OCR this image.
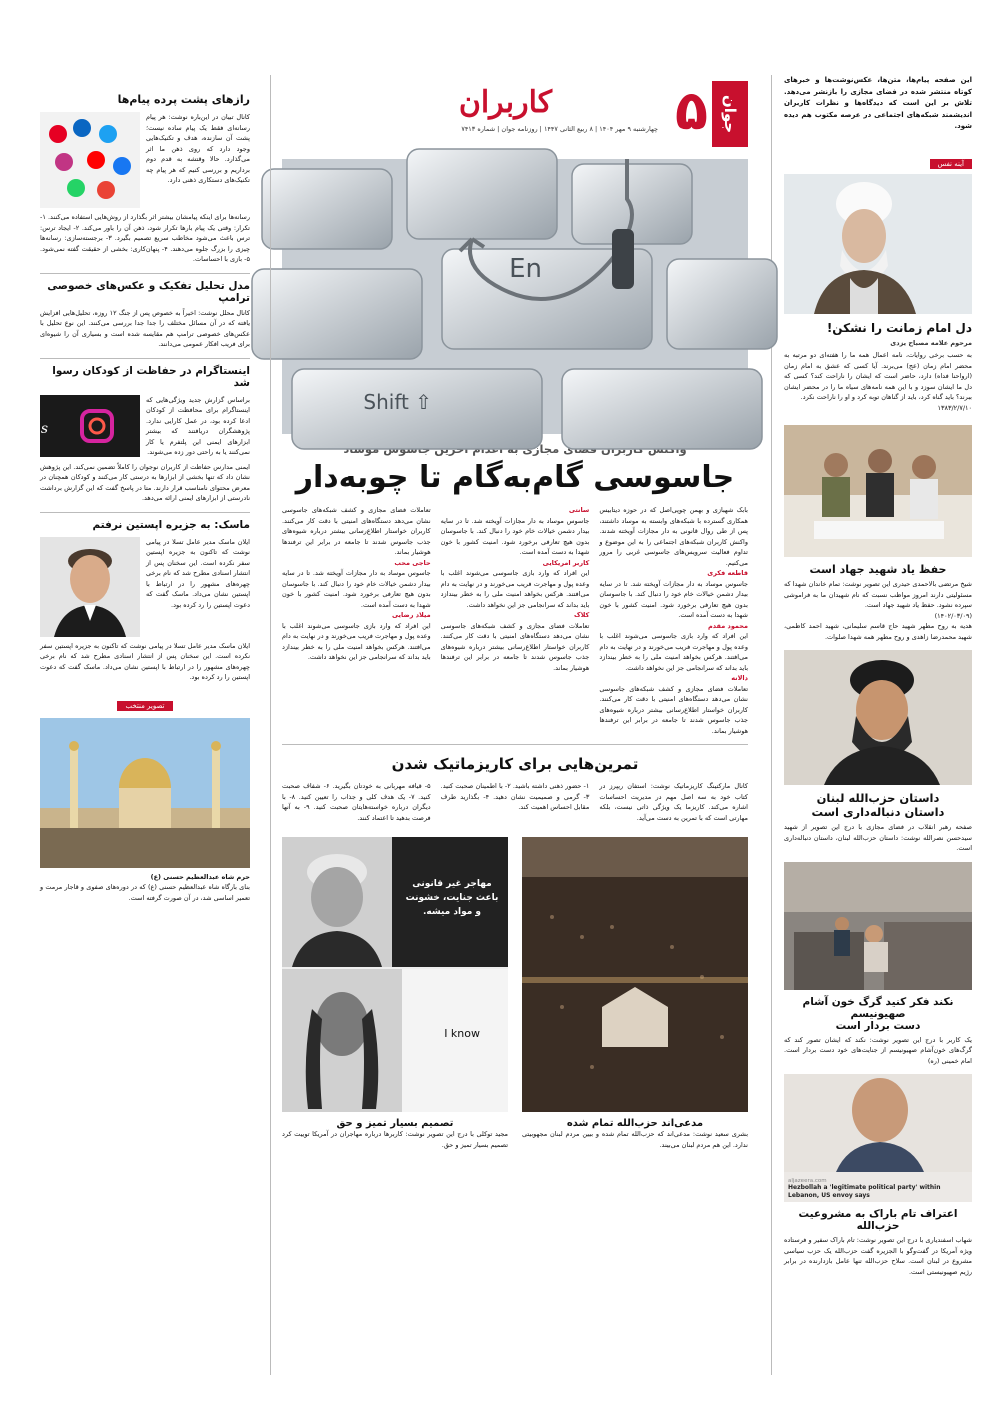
این صفحه پیام‌ها، متن‌ها، عکس‌نوشت‌ها و خبرهای کوتاه منتشر شده در فضای مجازی را بازنشر می‌دهد. تلاش بر این است که دیدگاه‌ها و نظرات کاربران اندیشمند شبکه‌های اجتماعی در عرصه مکتوب هم دیده شود.

آینه نفس
دل امام زمانت را نشکن!
مرحوم علامه مصباح یزدی

به حسب برخی روایات، نامه اعمال همه ما را هفته‌ای دو مرتبه به محضر امام زمان (عج) می‌برند. آیا کسی که عشق به امام زمان (ارواحنا فداه) دارد، حاضر است که ایشان را ناراحت کند؟ کسی که دل ما ایشان سوزد و با این همه نامه‌های سیاه ما را در محضر ایشان ببرند؟ باید گناه کرد، باید از گناهان توبه کرد و او را ناراحت نکرد.

۱۳۸۳/۲/۷/۱۰
حفظ یاد شهید جهاد است

شیخ مرتضی بالاحمدی حیدری این تصویر نوشت: تمام خاندان شهدا که مسئولیتی دارند امروز مواظب نسبت که نام شهیدان ما به فراموشی سپرده نشود. حفظ یاد شهید جهاد است.

(۱۴۰۲/۰۳/۰۹)

هدیه به روح مطهر شهید حاج قاسم سلیمانی، شهید احمد کاظمی، شهید محمدرضا زاهدی و روح مطهر همه شهدا صلوات.

داستان حزب‌الله لبنان
داستان دنباله‌داری است

صفحه رهبر انقلاب در فضای مجازی با درج این تصویر از شهید سیدحسن نصرالله نوشت: داستان حزب‌الله لبنان، داستان دنباله‌داری است.

نکند فکر کنید گرگ خون آشام صهیونیسم
دست بردار است

یک کاربر با درج این تصویر نوشت: نکند که ایشان تصور کند که گرگ‌های خون‌آشام صهیونیسم از جنایت‌های خود دست بردار است. امام خمینی (ره)

aljazeera.com
Hezbollah a 'legitimate political party' within Lebanon, US envoy says
اعتراف تام باراک به مشروعیت حزب‌الله

شهاب اسفندیاری با درج این تصویر نوشت: تام باراک سفیر و فرستاده ویژه آمریکا در گفت‌وگو با الجزیره گفت حزب‌الله یک حزب سیاسی مشروع در لبنان است. سلاح حزب‌الله تنها عامل بازدارنده در برابر رژیم صهیونیستی است.

جوان
۵
کاربران
چهارشنبه ۹ مهر ۱۴۰۴ | ۸ ربیع الثانی ۱۴۴۷ | روزنامه جوان | شماره ۷۴۱۳
En
⇧ Shift
مجازی
جاسوسی گام‌به‌گام تا چوبه‌دار

بابک شهبازی و بهمن چوپی‌اصل که در حوزه دیتابیس همکاری گسترده با شبکه‌های وابسته به موساد داشتند، پس از طی روال قانونی به دار مجازات آویخته شدند. واکنش کاربران شبکه‌های اجتماعی را به این موضوع و تداوم فعالیت سرویس‌های جاسوسی غربی را مرور می‌کنیم.

قاطعه فکری

جاسوس موساد به دار مجازات آویخته شد. تا در سایه بیدار دشمن خیالات خام خود را دنبال کند. با جاسوسان بدون هیچ تعارفی برخورد شود. امنیت کشور با خون شهدا به دست آمده است.

محمود مقدم

این افراد که وارد بازی جاسوسی می‌شوند اغلب با وعده پول و مهاجرت فریب می‌خورند و در نهایت به دام می‌افتند. هرکس بخواهد امنیت ملی را به خطر بیندازد باید بداند که سرانجامی جز این نخواهد داشت.

دالانه

تعاملات فضای مجازی و کشف شبکه‌های جاسوسی نشان می‌دهد دستگاه‌های امنیتی با دقت کار می‌کنند. کاربران خواستار اطلاع‌رسانی بیشتر درباره شیوه‌های جذب جاسوس شدند تا جامعه در برابر این ترفندها هوشیار بماند.

سانتی

جاسوس موساد به دار مجازات آویخته شد. تا در سایه بیدار دشمن خیالات خام خود را دنبال کند. با جاسوسان بدون هیچ تعارفی برخورد شود. امنیت کشور با خون شهدا به دست آمده است.

کاربر امریکایی

این افراد که وارد بازی جاسوسی می‌شوند اغلب با وعده پول و مهاجرت فریب می‌خورند و در نهایت به دام می‌افتند. هرکس بخواهد امنیت ملی را به خطر بیندازد باید بداند که سرانجامی جز این نخواهد داشت.

کلاک

تعاملات فضای مجازی و کشف شبکه‌های جاسوسی نشان می‌دهد دستگاه‌های امنیتی با دقت کار می‌کنند. کاربران خواستار اطلاع‌رسانی بیشتر درباره شیوه‌های جذب جاسوس شدند تا جامعه در برابر این ترفندها هوشیار بماند.

تعاملات فضای مجازی و کشف شبکه‌های جاسوسی نشان می‌دهد دستگاه‌های امنیتی با دقت کار می‌کنند. کاربران خواستار اطلاع‌رسانی بیشتر درباره شیوه‌های جذب جاسوس شدند تا جامعه در برابر این ترفندها هوشیار بماند.

حاجی محب

جاسوس موساد به دار مجازات آویخته شد. تا در سایه بیدار دشمن خیالات خام خود را دنبال کند. با جاسوسان بدون هیچ تعارفی برخورد شود. امنیت کشور با خون شهدا به دست آمده است.

میلاد رضایی

این افراد که وارد بازی جاسوسی می‌شوند اغلب با وعده پول و مهاجرت فریب می‌خورند و در نهایت به دام می‌افتند. هرکس بخواهد امنیت ملی را به خطر بیندازد باید بداند که سرانجامی جز این نخواهد داشت.

تمرین‌هایی برای کاریزماتیک شدن

کانال مارکتینگ کاریزماتیک نوشت: استفان ریپرز در کتاب خود به سه اصل مهم در مدیریت احساسات اشاره می‌کند. کاریزما یک ویژگی ذاتی نیست، بلکه مهارتی است که با تمرین به دست می‌آید.

۱- حضور ذهنی داشته باشید. ۲- با اطمینان صحبت کنید. ۳- گرمی و صمیمیت نشان دهید. ۴- بگذارید طرف مقابل احساس اهمیت کند.

۵- قیافه مهربانی به خودتان بگیرید. ۶- شفاف صحبت کنید. ۷- یک هدف کلی و جذاب را تعیین کنید. ۸- با دیگران درباره خواسته‌هایتان صحبت کنید. ۹- به آنها فرصت بدهید تا اعتماد کنند.

مدعی‌اند حزب‌الله تمام شده

بشری سعید نوشت: مدعی‌اند که حزب‌الله تمام شده و بیین مردم لبنان مجهوبیتی ندارد. این هم مردم لبنان می‌بیند.

مهاجر غیر قانونی باعث جنایت، خشونت و مواد میشه.
I know
تصمیم بسیار تمیز و حق

مجید توکلی با درج این تصویر نوشت: کاربرها درباره مهاجران در آمریکا توییت کرد تصمیم بسیار تمیز و حق.

رازهای پشت پرده پیام‌ها

کانال تبیان در این‌باره نوشت: هر پیام رسانه‌ای فقط یک پیام ساده نیست؛ پشت آن سازنده، هدف و تکنیک‌هایی وجود دارد که روی ذهن ما اثر می‌گذارد. حالا وقتشه به قدم دوم برداریم و بررسی کنیم که هر پیام چه تکنیک‌های دستکاری ذهنی دارد.

رسانه‌ها برای اینکه پیامشان بیشتر اثر بگذارد از روش‌هایی استفاده می‌کنند. ۱- تکرار: وقتی یک پیام بارها تکرار شود، ذهن آن را باور می‌کند. ۲- ایجاد ترس: ترس باعث می‌شود مخاطب سریع تصمیم بگیرد. ۳- برجسته‌سازی: رسانه‌ها چیزی را بزرگ جلوه می‌دهند. ۴- پنهان‌کاری: بخشی از حقیقت گفته نمی‌شود. ۵- بازی با احساسات.

مدل تحلیل تفکیک و عکس‌های خصوصی ترامپ

کانال محلل نوشت: اخیراً به خصوص پس از جنگ ۱۲ روزه، تحلیل‌هایی افزایش یافته که در آن مسائل مختلف را جدا جدا بررسی می‌کنند. این نوع تحلیل با عکس‌های خصوصی ترامپ هم مقایسه شده است و بسیاری آن را شیوه‌ای برای فریب افکار عمومی می‌دانند.

اینستاگرام در حفاظت از کودکان رسوا شد

براساس گزارش جدید ویژگی‌هایی که اینستاگرام برای محافظت از کودکان ادعا کرده بود، در عمل کارایی ندارد. پژوهشگران دریافتند که بیشتر ابزارهای ایمنی این پلتفرم یا کار نمی‌کنند یا به راحتی دور زده می‌شوند.

Ins

ایمنی مدارس حفاظت از کاربران نوجوان را کاملاً تضمین نمی‌کند. این پژوهش نشان داد که تنها بخشی از ابزارها به درستی کار می‌کنند و کودکان همچنان در معرض محتوای نامناسب قرار دارند. متا در پاسخ گفت که این گزارش برداشت نادرستی از ابزارهای ایمنی ارائه می‌دهد.

ماسک: به جزیره اپستین نرفتم

ایلان ماسک مدیر عامل تسلا در پیامی نوشت که تاکنون به جزیره اپستین سفر نکرده است. این سخنان پس از انتشار اسنادی مطرح شد که نام برخی چهره‌های مشهور را در ارتباط با اپستین نشان می‌داد. ماسک گفت که دعوت اپستین را رد کرده بود.

ایلان ماسک مدیر عامل تسلا در پیامی نوشت که تاکنون به جزیره اپستین سفر نکرده است. این سخنان پس از انتشار اسنادی مطرح شد که نام برخی چهره‌های مشهور را در ارتباط با اپستین نشان می‌داد. ماسک گفت که دعوت اپستین را رد کرده بود.

تصویر منتخب
حرم شاه عبدالعظیم حسنی (ع)

بنای بارگاه شاه عبدالعظیم حسنی (ع) که در دوره‌های صفوی و قاجار مرمت و تعمیر اساسی شد، در آن صورت گرفته است.
